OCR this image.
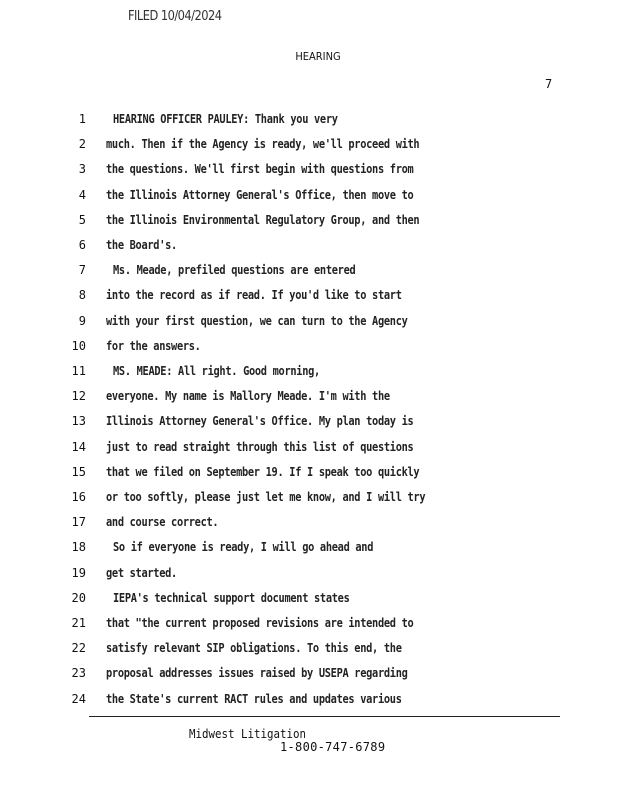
FILED 10/04/2024
HEARING
7
1 HEARING OFFICER PAULEY: Thank you very
2 much. Then if the Agency is ready, we'll proceed with
3 the questions. We'll first begin with questions from
4 the Illinois Attorney General's Office, then move to
5 the Illinois Environmental Regulatory Group, and then
6 the Board's.
7 Ms. Meade, prefiled questions are entered
8 into the record as if read. If you'd like to start
9 with your first question, we can turn to the Agency
10 for the answers.
11 MS. MEADE: All right. Good morning,
12 everyone. My name is Mallory Meade. I'm with the
13 Illinois Attorney General's Office. My plan today is
14 just to read straight through this list of questions
15 that we filed on September 19. If I speak too quickly
16 or too softly, please just let me know, and I will try
17 and course correct.
18 So if everyone is ready, I will go ahead and
19 get started.
20 IEPA's technical support document states
21 that "the current proposed revisions are intended to
22 satisfy relevant SIP obligations. To this end, the
23 proposal addresses issues raised by USEPA regarding
24 the State's current RACT rules and updates various
Midwest Litigation
1-800-747-6789
